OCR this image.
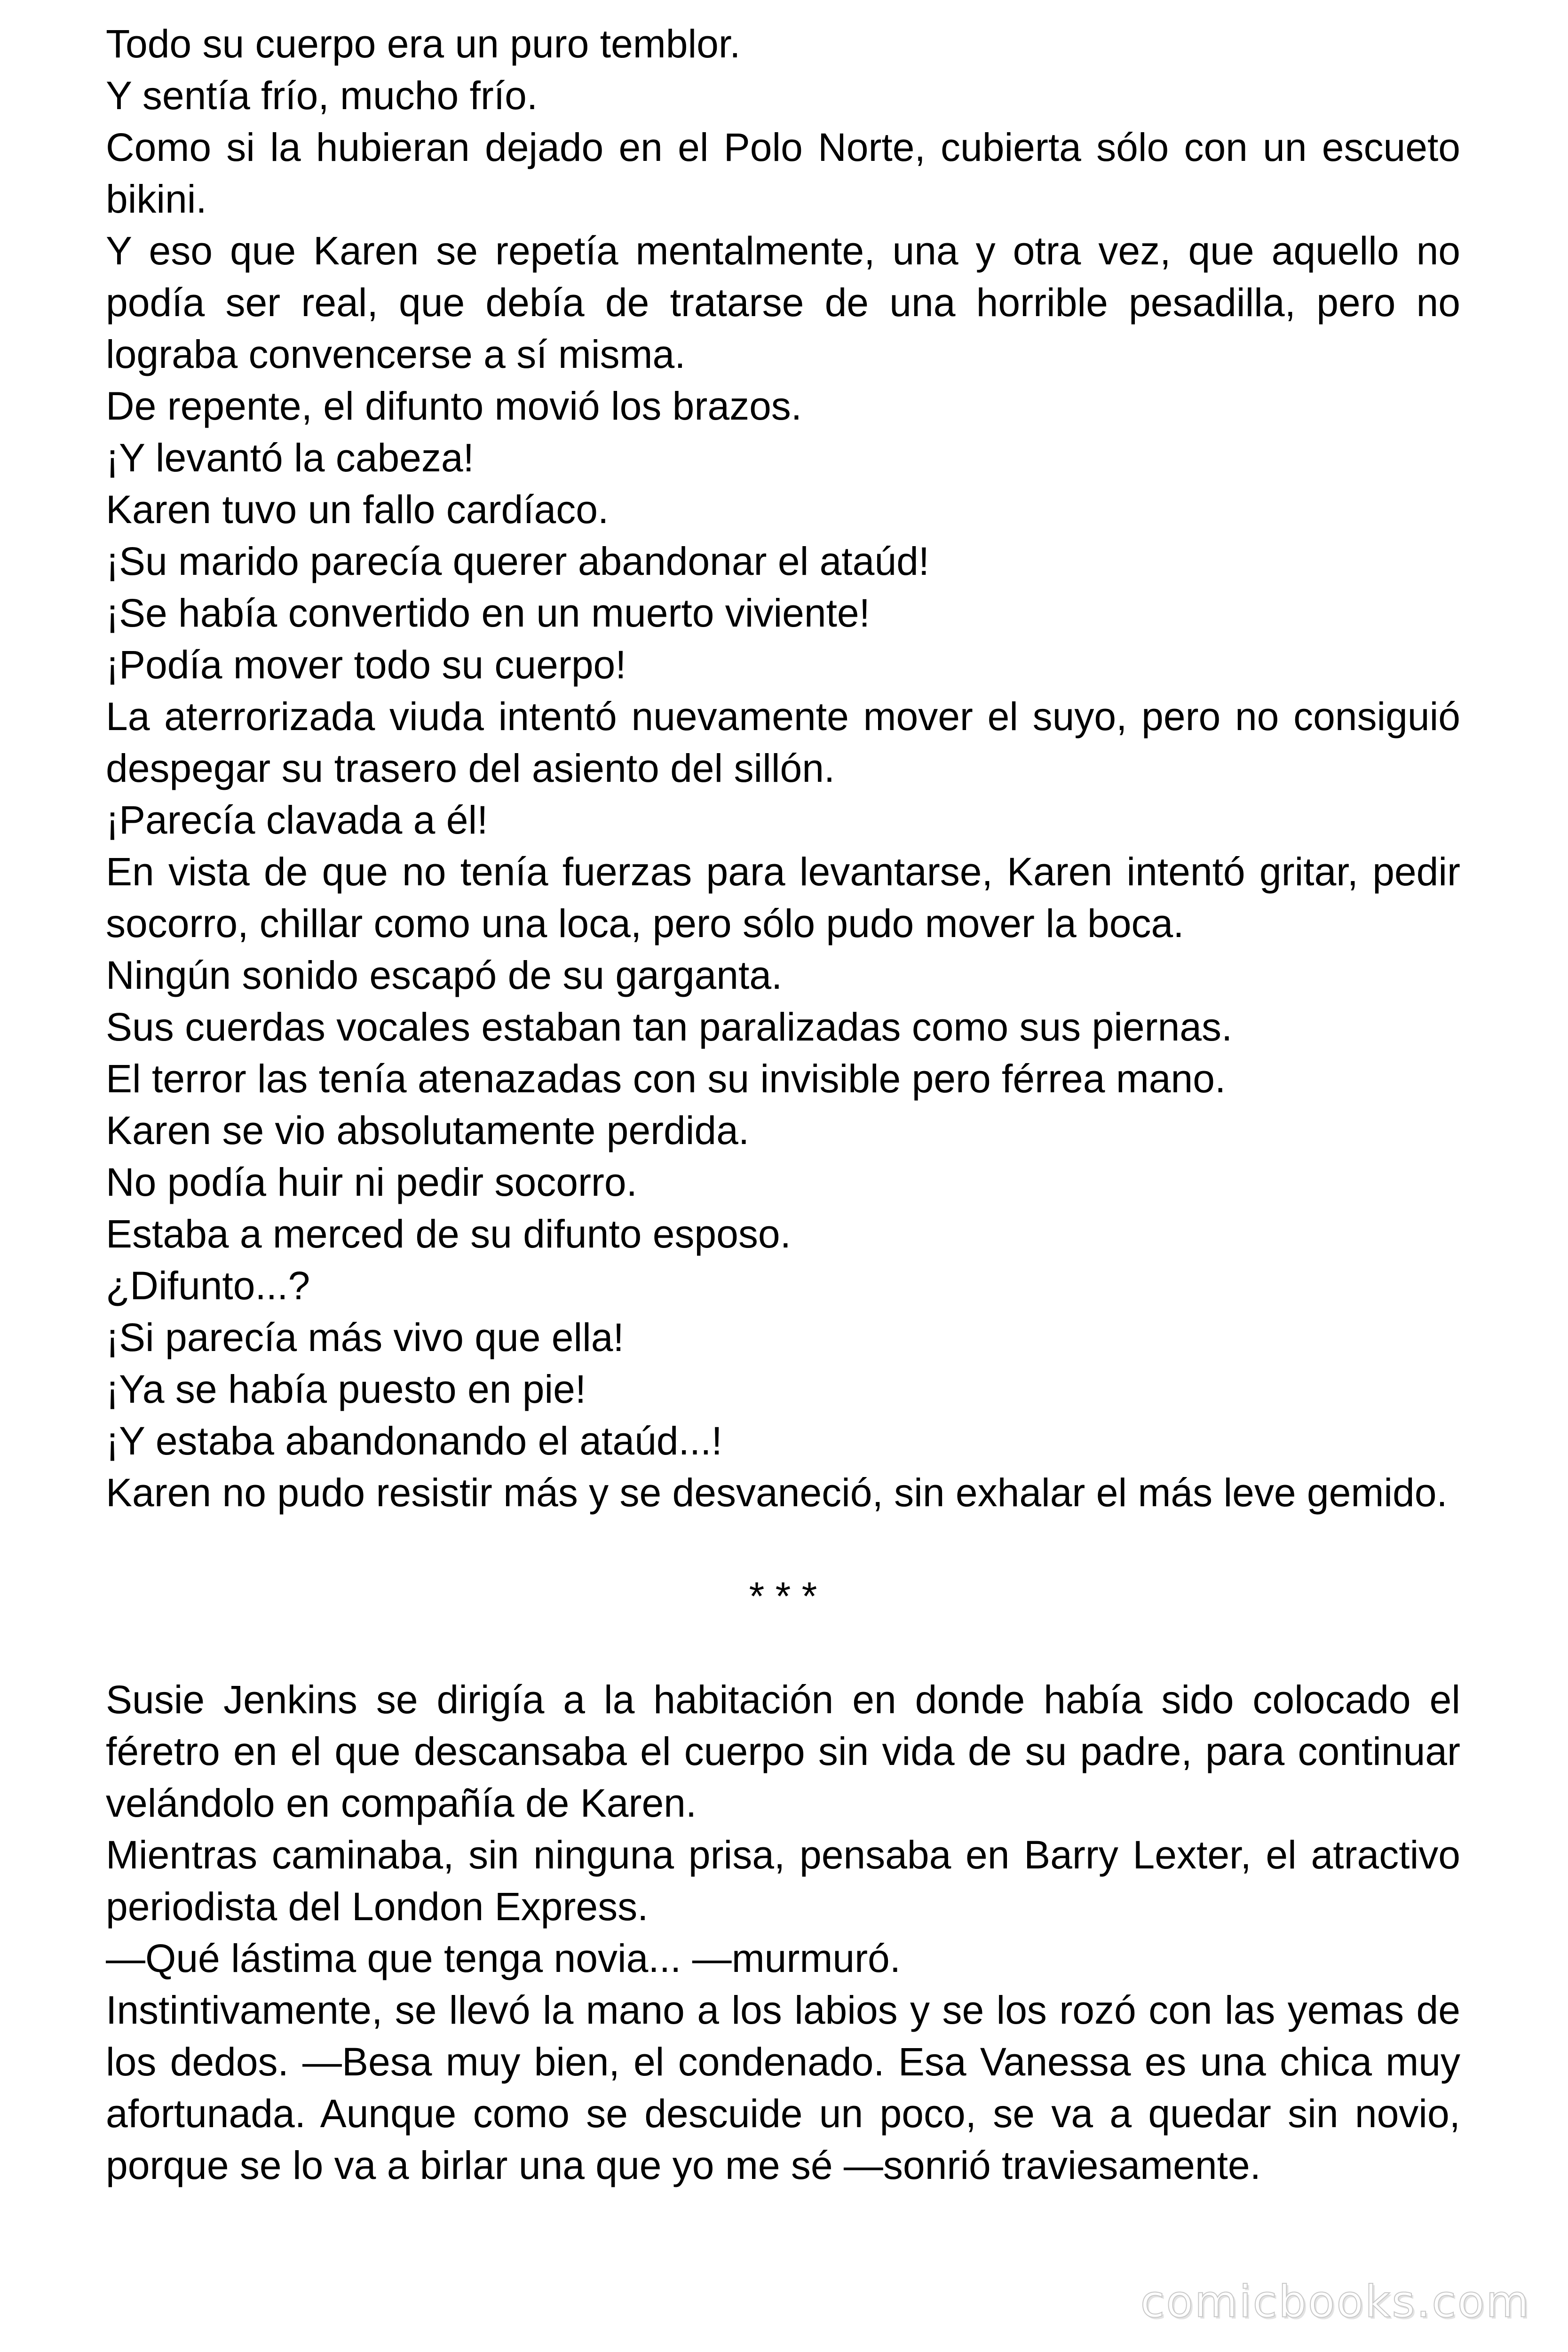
Todo su cuerpo era un puro temblor.

Y sentía frío, mucho frío.

Como si la hubieran dejado en el Polo Norte, cubierta sólo con un escueto bikini.

Y eso que Karen se repetía mentalmente, una y otra vez, que aquello no podía ser real, que debía de tratarse de una horrible pesadilla, pero no lograba convencerse a sí misma.

De repente, el difunto movió los brazos.

¡Y levantó la cabeza!

Karen tuvo un fallo cardíaco.

¡Su marido parecía querer abandonar el ataúd!

¡Se había convertido en un muerto viviente!

¡Podía mover todo su cuerpo!

La aterrorizada viuda intentó nuevamente mover el suyo, pero no consiguió despegar su trasero del asiento del sillón.

¡Parecía clavada a él!

En vista de que no tenía fuerzas para levantarse, Karen intentó gritar, pedir socorro, chillar como una loca, pero sólo pudo mover la boca.

Ningún sonido escapó de su garganta.

Sus cuerdas vocales estaban tan paralizadas como sus piernas.

El terror las tenía atenazadas con su invisible pero férrea mano.

Karen se vio absolutamente perdida.

No podía huir ni pedir socorro.

Estaba a merced de su difunto esposo.

¿Difunto...?

¡Si parecía más vivo que ella!

¡Ya se había puesto en pie!

¡Y estaba abandonando el ataúd...!

Karen no pudo resistir más y se desvaneció, sin exhalar el más leve gemido.

* * *

Susie Jenkins se dirigía a la habitación en donde había sido colocado el féretro en el que descansaba el cuerpo sin vida de su padre, para continuar velándolo en compañía de Karen.

Mientras caminaba, sin ninguna prisa, pensaba en Barry Lexter, el atractivo periodista del London Express.

—Qué lástima que tenga novia... —murmuró.

Instintivamente, se llevó la mano a los labios y se los rozó con las yemas de los dedos. —Besa muy bien, el condenado. Esa Vanessa es una chica muy afortunada. Aunque como se descuide un poco, se va a quedar sin novio, porque se lo va a birlar una que yo me sé —sonrió traviesamente.

comicbooks.com
